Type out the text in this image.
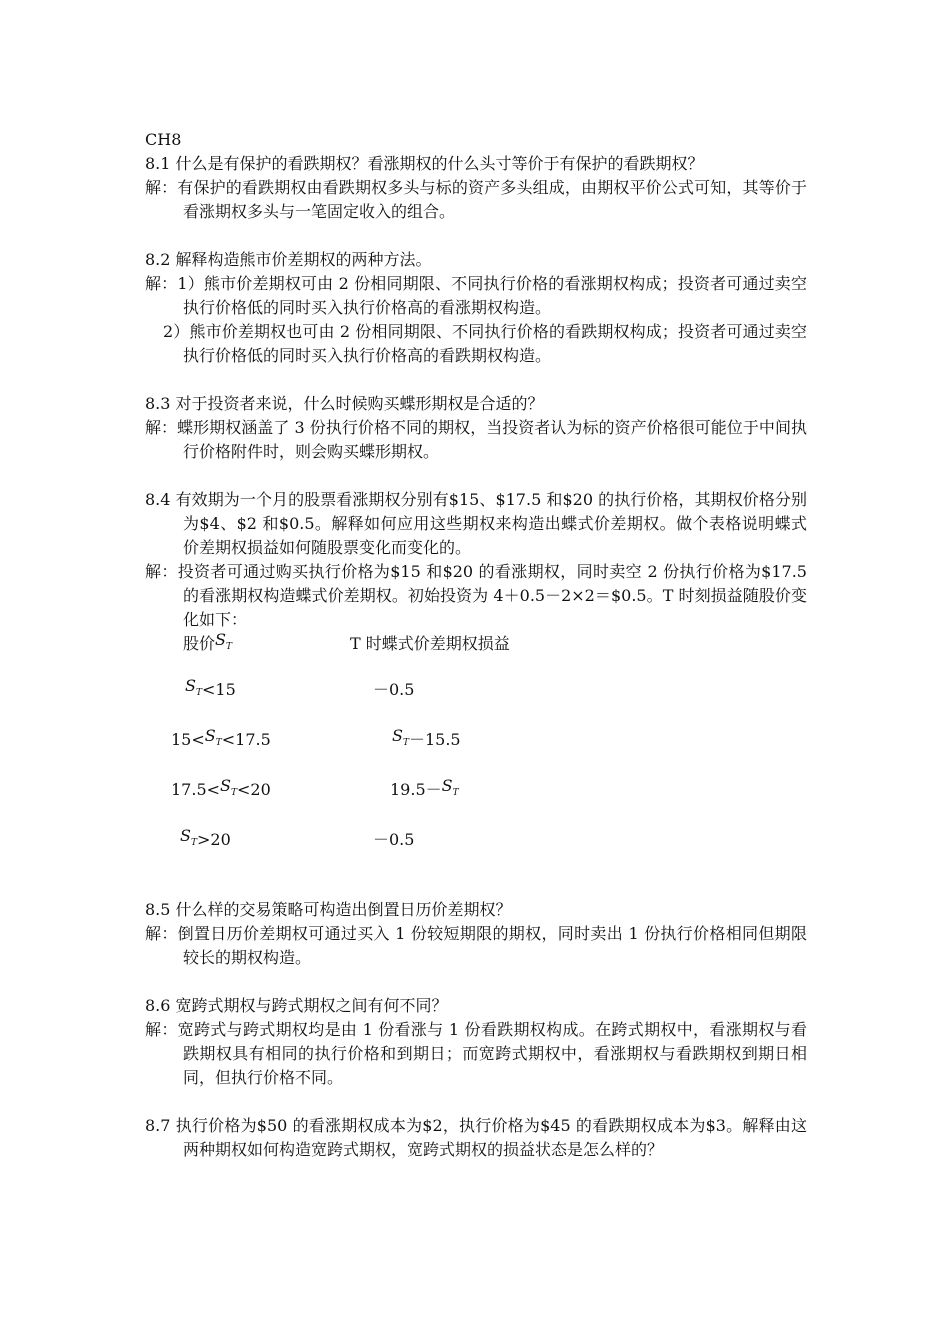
CH8
8.1 什么是有保护的看跌期权？看涨期权的什么头寸等价于有保护的看跌期权？
解：有保护的看跌期权由看跌期权多头与标的资产多头组成，由期权平价公式可知，其等价于看涨期权多头与一笔固定收入的组合。
8.2 解释构造熊市价差期权的两种方法。
解：1）熊市价差期权可由 2 份相同期限、不同执行价格的看涨期权构成；投资者可通过卖空执行价格低的同时买入执行价格高的看涨期权构造。
2）熊市价差期权也可由 2 份相同期限、不同执行价格的看跌期权构成；投资者可通过卖空执行价格低的同时买入执行价格高的看跌期权构造。
8.3 对于投资者来说，什么时候购买蝶形期权是合适的？
解：蝶形期权涵盖了 3 份执行价格不同的期权，当投资者认为标的资产价格很可能位于中间执行价格附件时，则会购买蝶形期权。
8.4 有效期为一个月的股票看涨期权分别有$15、$17.5 和$20 的执行价格，其期权价格分别为$4、$2 和$0.5。解释如何应用这些期权来构造出蝶式价差期权。做个表格说明蝶式价差期权损益如何随股票变化而变化的。
解：投资者可通过购买执行价格为$15 和$20 的看涨期权，同时卖空 2 份执行价格为$17.5 的看涨期权构造蝶式价差期权。初始投资为 4＋0.5－2×2＝$0.5。T 时刻损益随股价变化如下：
股价$S_T$	T 时蝶式价差期权损益
$S_T<15$	－0.5
$15<S_T<17.5$	$S_T-15.5$
$17.5<S_T<20$	$19.5-S_T$
$S_T>20$	－0.5
8.5 什么样的交易策略可构造出倒置日历价差期权？
解：倒置日历价差期权可通过买入 1 份较短期限的期权，同时卖出 1 份执行价格相同但期限较长的期权构造。
8.6 宽跨式期权与跨式期权之间有何不同？
解：宽跨式与跨式期权均是由 1 份看涨与 1 份看跌期权构成。在跨式期权中，看涨期权与看跌期权具有相同的执行价格和到期日；而宽跨式期权中，看涨期权与看跌期权到期日相同，但执行价格不同。
8.7 执行价格为$50 的看涨期权成本为$2，执行价格为$45 的看跌期权成本为$3。解释由这两种期权如何构造宽跨式期权，宽跨式期权的损益状态是怎么样的？
